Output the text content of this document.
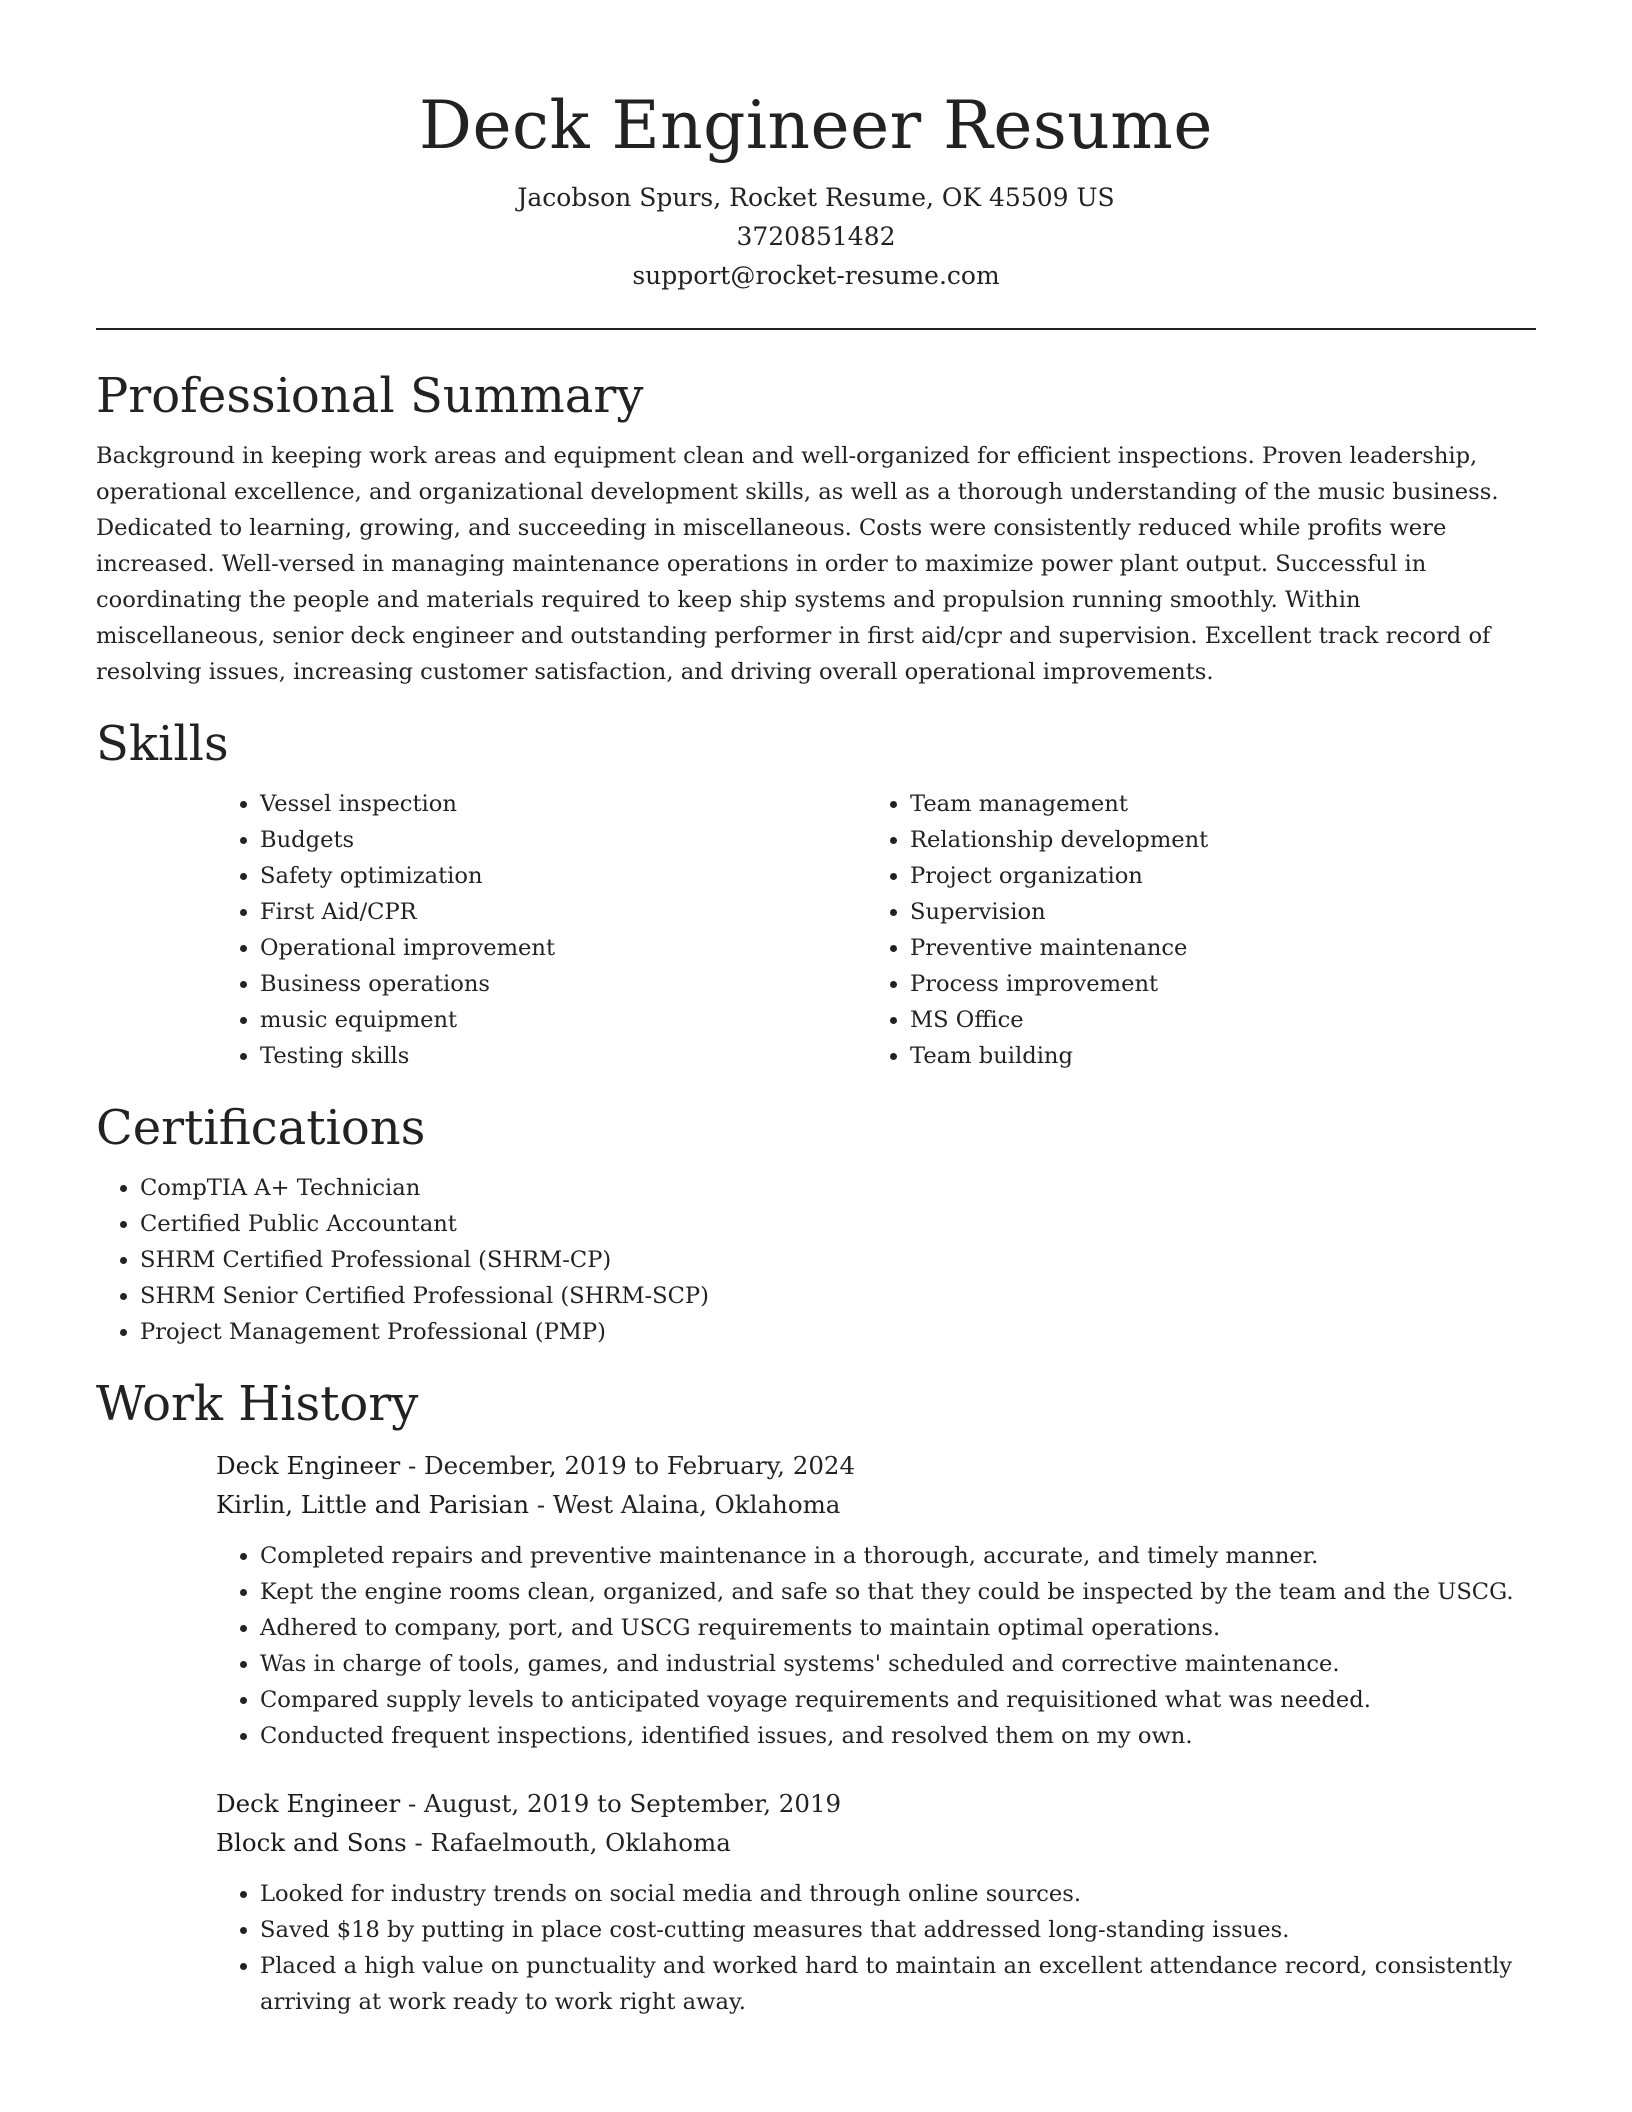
Deck Engineer Resume
Jacobson Spurs, Rocket Resume, OK 45509 US
3720851482
support@rocket-resume.com
Professional Summary

Background in keeping work areas and equipment clean and well-organized for efficient inspections. Proven leadership, operational excellence, and organizational development skills, as well as a thorough understanding of the music business. Dedicated to learning, growing, and succeeding in miscellaneous. Costs were consistently reduced while profits were increased. Well-versed in managing maintenance operations in order to maximize power plant output. Successful in coordinating the people and materials required to keep ship systems and propulsion running smoothly. Within miscellaneous, senior deck engineer and outstanding performer in first aid/cpr and supervision. Excellent track record of resolving issues, increasing customer satisfaction, and driving overall operational improvements.

Skills
• Vessel inspection
• Budgets
• Safety optimization
• First Aid/CPR
• Operational improvement
• Business operations
• music equipment
• Testing skills
• Team management
• Relationship development
• Project organization
• Supervision
• Preventive maintenance
• Process improvement
• MS Office
• Team building
Certifications
• CompTIA A+ Technician
• Certified Public Accountant
• SHRM Certified Professional (SHRM-CP)
• SHRM Senior Certified Professional (SHRM-SCP)
• Project Management Professional (PMP)
Work History
Deck Engineer - December, 2019 to February, 2024
Kirlin, Little and Parisian - West Alaina, Oklahoma
• Completed repairs and preventive maintenance in a thorough, accurate, and timely manner.
• Kept the engine rooms clean, organized, and safe so that they could be inspected by the team and the USCG.
• Adhered to company, port, and USCG requirements to maintain optimal operations.
• Was in charge of tools, games, and industrial systems' scheduled and corrective maintenance.
• Compared supply levels to anticipated voyage requirements and requisitioned what was needed.
• Conducted frequent inspections, identified issues, and resolved them on my own.
Deck Engineer - August, 2019 to September, 2019
Block and Sons - Rafaelmouth, Oklahoma
• Looked for industry trends on social media and through online sources.
• Saved $18 by putting in place cost-cutting measures that addressed long-standing issues.
• Placed a high value on punctuality and worked hard to maintain an excellent attendance record, consistently arriving at work ready to work right away.
